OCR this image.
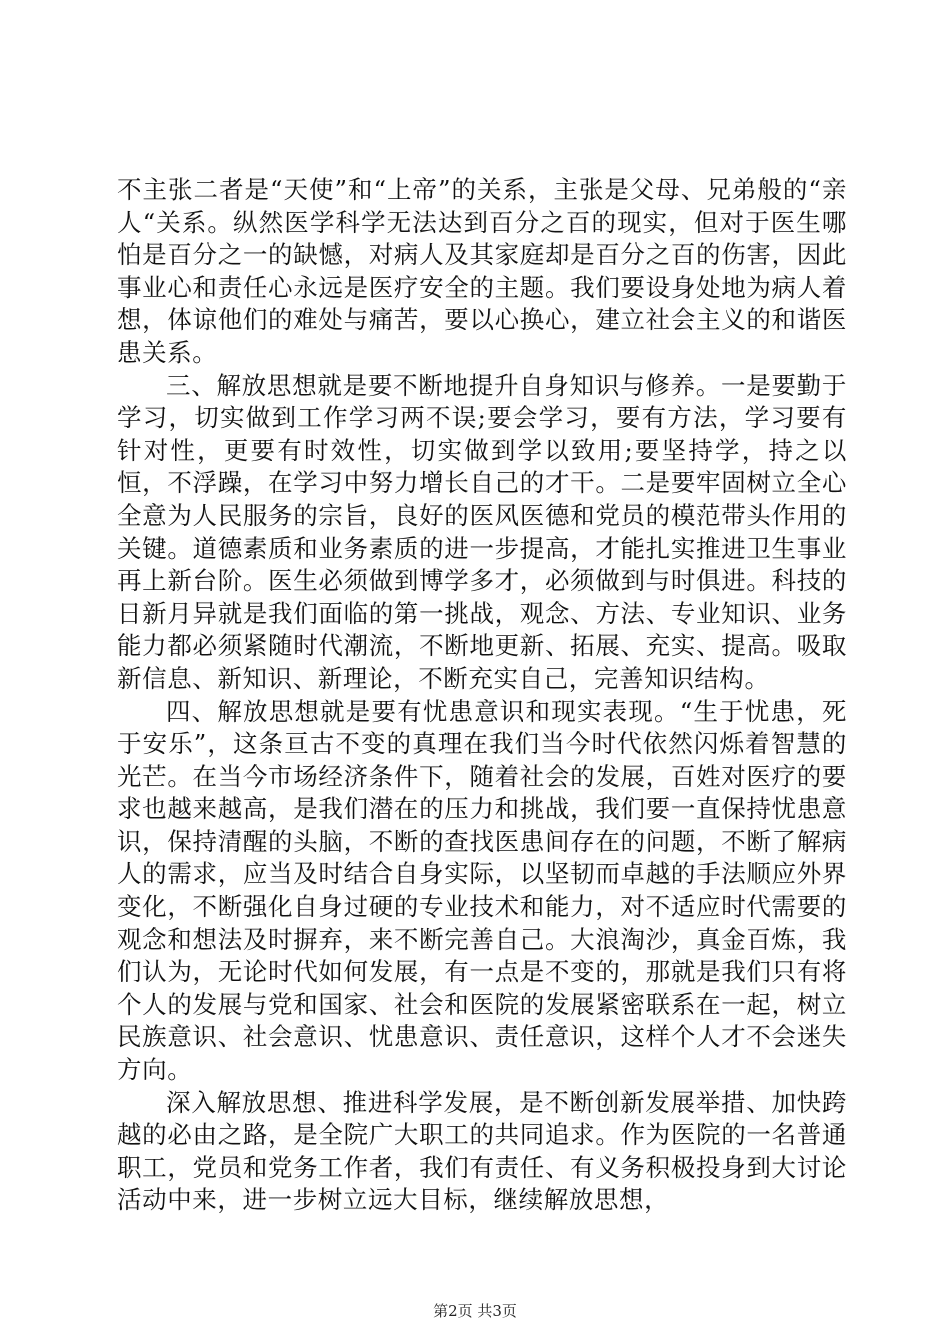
不主张二者是“天使”和“上帝”的关系，主张是父母、兄弟般的“亲人“关系。纵然医学科学无法达到百分之百的现实，但对于医生哪怕是百分之一的缺憾，对病人及其家庭却是百分之百的伤害，因此事业心和责任心永远是医疗安全的主题。我们要设身处地为病人着想，体谅他们的难处与痛苦，要以心换心，建立社会主义的和谐医患关系。

三、解放思想就是要不断地提升自身知识与修养。一是要勤于学习，切实做到工作学习两不误;要会学习，要有方法，学习要有针对性，更要有时效性，切实做到学以致用;要坚持学，持之以恒，不浮躁，在学习中努力增长自己的才干。二是要牢固树立全心全意为人民服务的宗旨，良好的医风医德和党员的模范带头作用的关键。道德素质和业务素质的进一步提高，才能扎实推进卫生事业再上新台阶。医生必须做到博学多才，必须做到与时俱进。科技的日新月异就是我们面临的第一挑战，观念、方法、专业知识、业务能力都必须紧随时代潮流，不断地更新、拓展、充实、提高。吸取新信息、新知识、新理论，不断充实自己，完善知识结构。

四、解放思想就是要有忧患意识和现实表现。“生于忧患，死于安乐”，这条亘古不变的真理在我们当今时代依然闪烁着智慧的光芒。在当今市场经济条件下，随着社会的发展，百姓对医疗的要求也越来越高，是我们潜在的压力和挑战，我们要一直保持忧患意识，保持清醒的头脑，不断的查找医患间存在的问题，不断了解病人的需求，应当及时结合自身实际，以坚韧而卓越的手法顺应外界变化，不断强化自身过硬的专业技术和能力，对不适应时代需要的观念和想法及时摒弃，来不断完善自己。大浪淘沙，真金百炼，我们认为，无论时代如何发展，有一点是不变的，那就是我们只有将个人的发展与党和国家、社会和医院的发展紧密联系在一起，树立民族意识、社会意识、忧患意识、责任意识，这样个人才不会迷失方向。

深入解放思想、推进科学发展，是不断创新发展举措、加快跨越的必由之路，是全院广大职工的共同追求。作为医院的一名普通职工，党员和党务工作者，我们有责任、有义务积极投身到大讨论活动中来，进一步树立远大目标，继续解放思想，

第2页 共3页
